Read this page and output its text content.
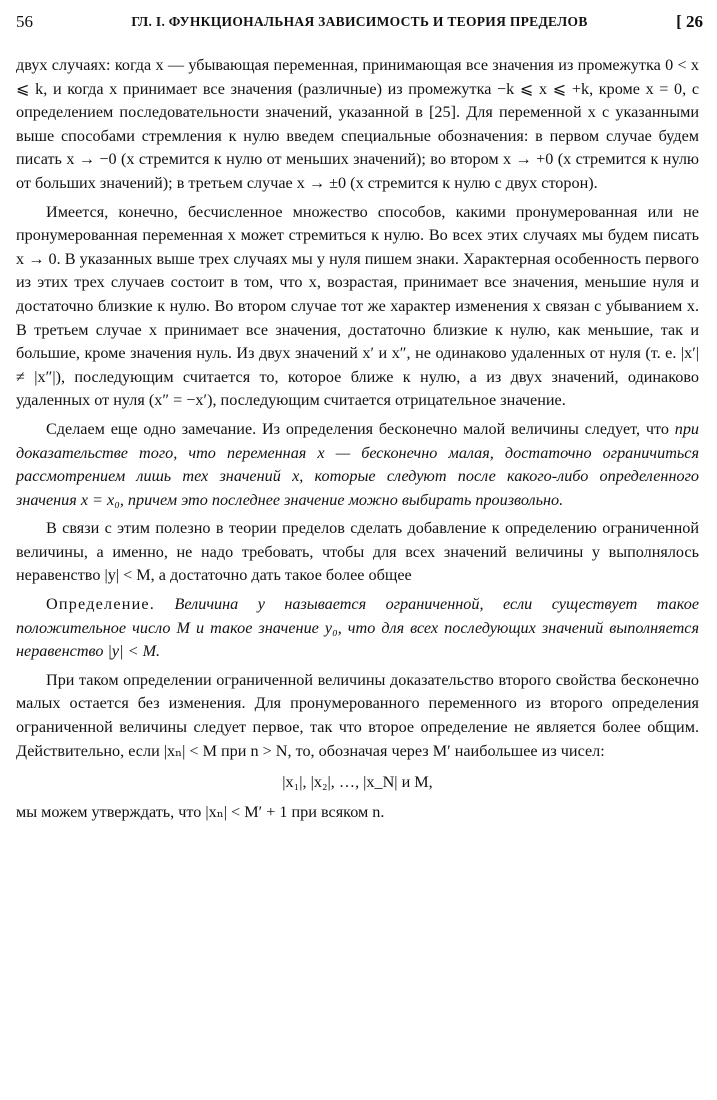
56	ГЛ. I. ФУНКЦИОНАЛЬНАЯ ЗАВИСИМОСТЬ И ТЕОРИЯ ПРЕДЕЛОВ	[ 26

двух случаях: когда x — убывающая переменная, принимающая все значения из промежутка 0 < x ⩽ k, и когда x принимает все значения (различные) из промежутка −k ⩽ x ⩽ +k, кроме x = 0, с определением последовательности значений, указанной в [25]. Для переменной x с указанными выше способами стремления к нулю введем специальные обозначения: в первом случае будем писать x → −0 (x стремится к нулю от меньших значений); во втором x → +0 (x стремится к нулю от больших значений); в третьем случае x → ±0 (x стремится к нулю с двух сторон).

Имеется, конечно, бесчисленное множество способов, какими пронумерованная или не пронумерованная переменная x может стремиться к нулю. Во всех этих случаях мы будем писать x → 0. В указанных выше трех случаях мы у нуля пишем знаки. Характерная особенность первого из этих трех случаев состоит в том, что x, возрастая, принимает все значения, меньшие нуля и достаточно близкие к нулю. Во втором случае тот же характер изменения x связан с убыванием x. В третьем случае x принимает все значения, достаточно близкие к нулю, как меньшие, так и большие, кроме значения нуль. Из двух значений x′ и x″, не одинаково удаленных от нуля (т. е. |x′| ≠ |x″|), последующим считается то, которое ближе к нулю, а из двух значений, одинаково удаленных от нуля (x″ = −x′), последующим считается отрицательное значение.

Сделаем еще одно замечание. Из определения бесконечно малой величины следует, что при доказательстве того, что переменная x — бесконечно малая, достаточно ограничиться рассмотрением лишь тех значений x, которые следуют после какого-либо определенного значения x = x₀, причем это последнее значение можно выбирать произвольно.

В связи с этим полезно в теории пределов сделать добавление к определению ограниченной величины, а именно, не надо требовать, чтобы для всех значений величины y выполнялось неравенство |y| < M, а достаточно дать такое более общее

Определение. Величина y называется ограниченной, если существует такое положительное число M и такое значение y₀, что для всех последующих значений выполняется неравенство |y| < M.

При таком определении ограниченной величины доказательство второго свойства бесконечно малых остается без изменения. Для пронумерованного переменного из второго определения ограниченной величины следует первое, так что второе определение не является более общим. Действительно, если |xₙ| < M при n > N, то, обозначая через M′ наибольшее из чисел:

|x₁|, |x₂|, …, |x_N| и M,

мы можем утверждать, что |xₙ| < M′ + 1 при всяком n.
